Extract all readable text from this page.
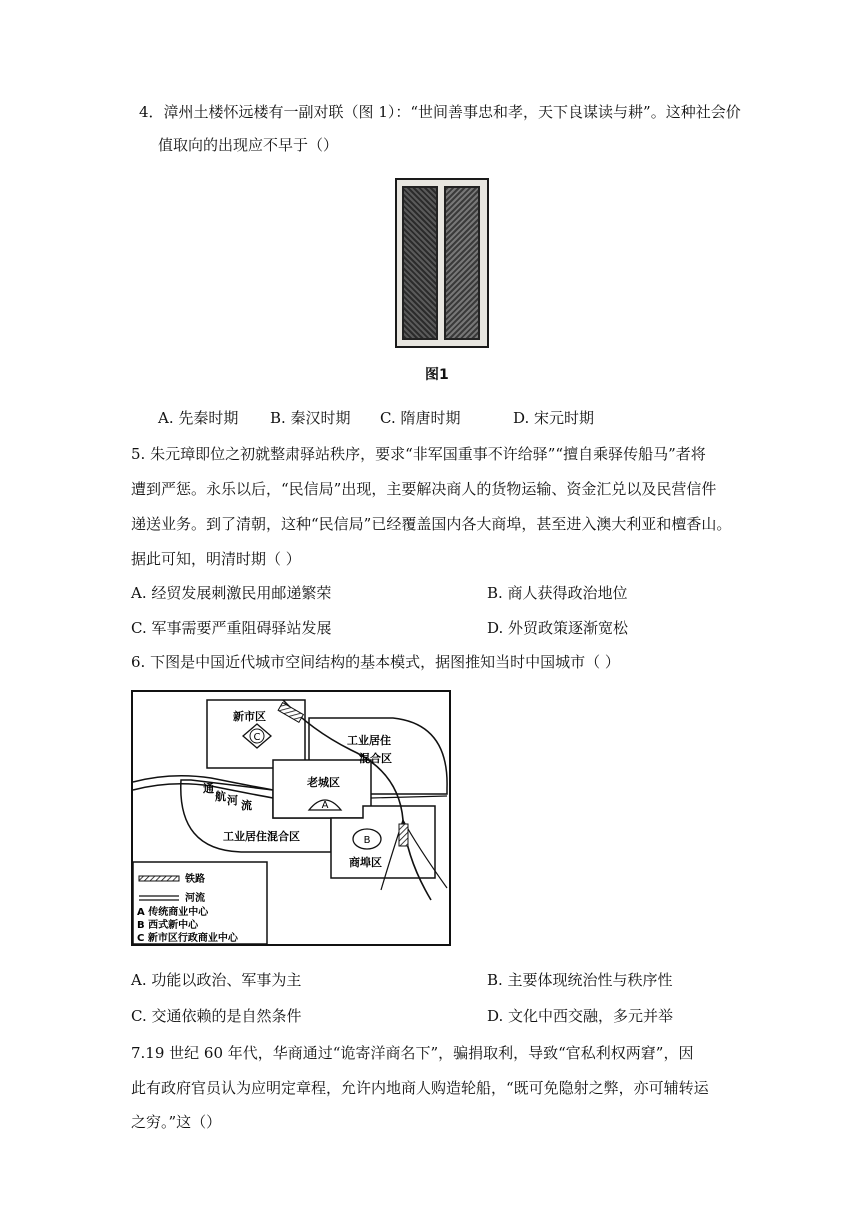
4．漳州土楼怀远楼有一副对联（图 1）：“世间善事忠和孝，天下良谋读与耕”。这种社会价
值取向的出现应不早于（）
图1
A. 先秦时期 B. 秦汉时期 C. 隋唐时期	D. 宋元时期
5. 朱元璋即位之初就整肃驿站秩序，要求“非军国重事不许给驿”“擅自乘驿传船马”者将
遭到严惩。永乐以后，“民信局”出现，主要解决商人的货物运输、资金汇兑以及民营信件
递送业务。到了清朝，这种“民信局”已经覆盖国内各大商埠，甚至进入澳大利亚和檀香山。
据此可知，明清时期（ ）
A. 经贸发展刺激民用邮递繁荣	B. 商人获得政治地位
C. 军事需要严重阻碍驿站发展	D. 外贸政策逐渐宽松
6. 下图是中国近代城市空间结构的基本模式，据图推知当时中国城市（ ）
C
A
B
新市区
工业居住
混合区
老城区
通
航 河 流
工业居住混合区
商埠区
铁路
河流
A 传统商业中心
B 西式新中心
C 新市区行政商业中心
A. 功能以政治、军事为主	B. 主要体现统治性与秩序性
C. 交通依赖的是自然条件	D. 文化中西交融，多元并举
7.19 世纪 60 年代，华商通过“诡寄洋商名下”，骗捐取利，导致“官私利权两窘”，因
此有政府官员认为应明定章程，允许内地商人购造轮船，“既可免隐射之弊，亦可辅转运
之穷。”这（）
